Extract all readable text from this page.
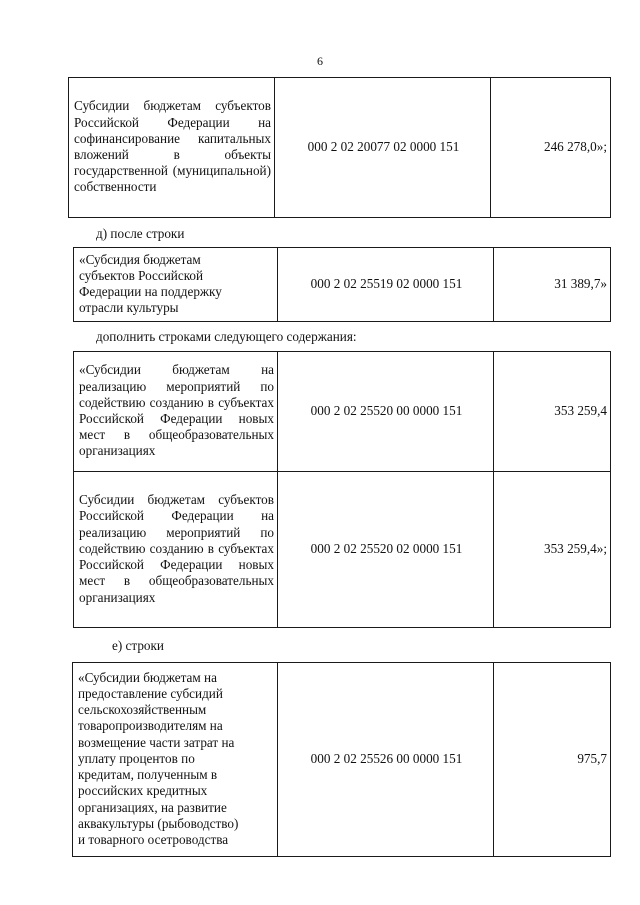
6
Субсидии бюджетам субъектов Российской Федерации на софинансирование капитальных вложений в объекты государственной (муниципальной) собственности
	000 2 02 20077 02 0000 151	246 278,0»;
д) после строки
«Субсидия бюджетам
субъектов Российской
Федерации на поддержку
отрасли культуры
	000 2 02 25519 02 0000 151	31 389,7»
дополнить строками следующего содержания:
«Субсидии бюджетам на реализацию мероприятий по содействию созданию в субъектах Российской Федерации новых мест в общеобразовательных организациях	000 2 02 25520 00 0000 151	353 259,4

Субсидии бюджетам субъектов Российской Федерации на реализацию мероприятий по содействию созданию в субъектах Российской Федерации новых мест в общеобразовательных организациях	000 2 02 25520 02 0000 151	353 259,4»;
е) строки
«Субсидии бюджетам на
предоставление субсидий
сельскохозяйственным
товаропроизводителям на
возмещение части затрат на
уплату процентов по
кредитам, полученным в
российских кредитных
организациях, на развитие
аквакультуры (рыбоводство)
и товарного осетроводства
	000 2 02 25526 00 0000 151	975,7
